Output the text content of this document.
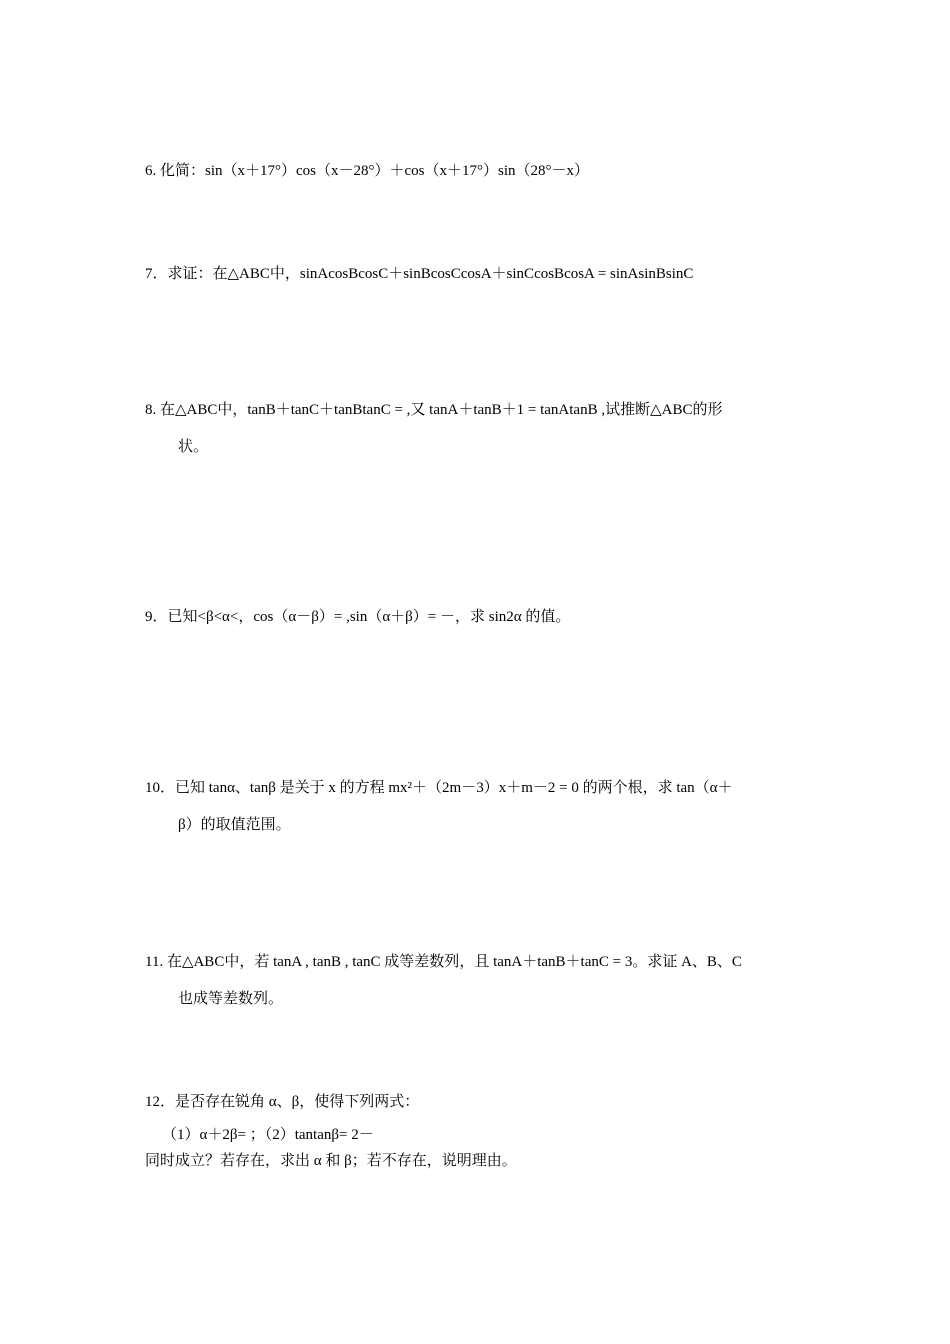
6. 化简：sin（x＋17°）cos（x－28°）＋cos（x＋17°）sin（28°－x）
7．求证：在△ABC中，sinAcosBcosC＋sinBcosCcosA＋sinCcosBcosA = sinAsinBsinC
8. 在△ABC中，tanB＋tanC＋tanBtanC = ,又 tanA＋tanB＋1 = tanAtanB ,试推断△ABC的形
状。
9．已知<β<α<，cos（α－β）= ,sin（α＋β）= －，求 sin2α 的值。
10．已知 tanα、tanβ 是关于 x 的方程 mx²＋（2m－3）x＋m－2 = 0 的两个根，求 tan（α＋
β）的取值范围。
11. 在△ABC中，若 tanA , tanB , tanC 成等差数列，且 tanA＋tanB＋tanC = 3。求证 A、B、C
也成等差数列。
12．是否存在锐角 α、β，使得下列两式：
（1）α＋2β= ；（2）tantanβ= 2－
同时成立？若存在，求出 α 和 β；若不存在，说明理由。
